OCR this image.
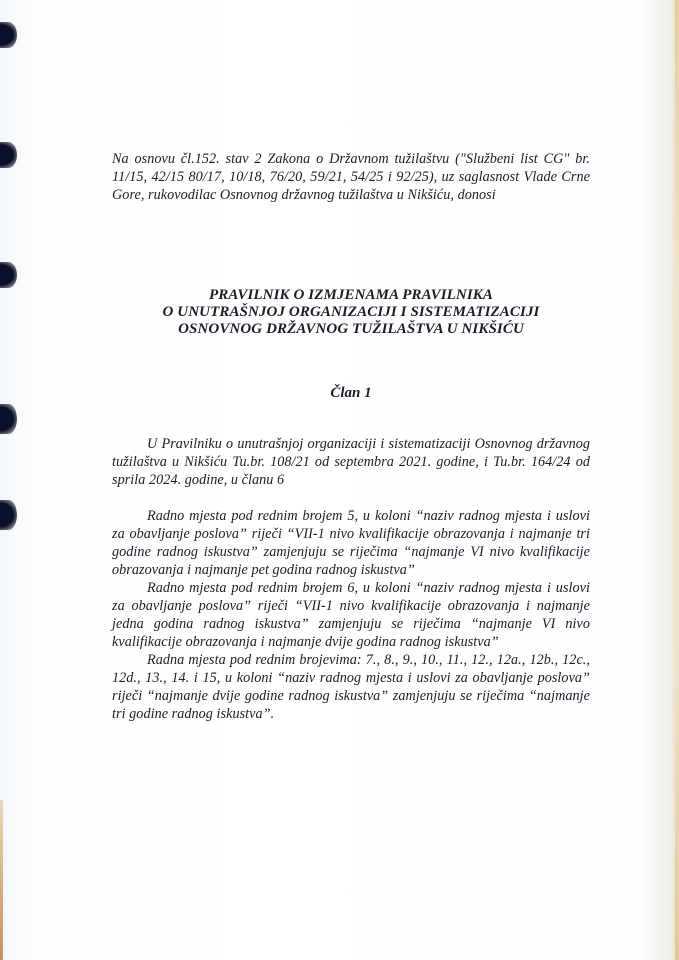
Na osnovu čl.152. stav 2 Zakona o Državnom tužilaštvu ("Službeni list CG" br. 11/15, 42/15 80/17, 10/18, 76/20, 59/21, 54/25 i 92/25), uz saglasnost Vlade Crne Gore, rukovodilac Osnovnog državnog tužilaštva u Nikšiću, donosi

PRAVILNIK O IZMJENAMA PRAVILNIKA
O UNUTRAŠNJOJ ORGANIZACIJI I SISTEMATIZACIJI
OSNOVNOG DRŽAVNOG TUŽILAŠTVA U NIKŠIĆU
Član 1

U Pravilniku o unutrašnjoj organizaciji i sistematizaciji Osnovnog državnog tužilaštva u Nikšiću Tu.br. 108/21 od septembra 2021. godine, i Tu.br. 164/24 od sprila 2024. godine, u članu 6

Radno mjesta pod rednim brojem 5, u koloni “naziv radnog mjesta i uslovi za obavljanje poslova” riječi “VII-1 nivo kvalifikacije obrazovanja i najmanje tri godine radnog iskustva” zamjenjuju se riječima “najmanje VI nivo kvalifikacije obrazovanja i najmanje pet godina radnog iskustva”

Radno mjesta pod rednim brojem 6, u koloni “naziv radnog mjesta i uslovi za obavljanje poslova” riječi “VII-1 nivo kvalifikacije obrazovanja i najmanje jedna godina radnog iskustva” zamjenjuju se riječima “najmanje VI nivo kvalifikacije obrazovanja i najmanje dvije godina radnog iskustva”

Radna mjesta pod rednim brojevima: 7., 8., 9., 10., 11., 12., 12a., 12b., 12c., 12d., 13., 14. i 15, u koloni “naziv radnog mjesta i uslovi za obavljanje poslova” riječi “najmanje dvije godine radnog iskustva” zamjenjuju se riječima “najmanje tri godine radnog iskustva”.
